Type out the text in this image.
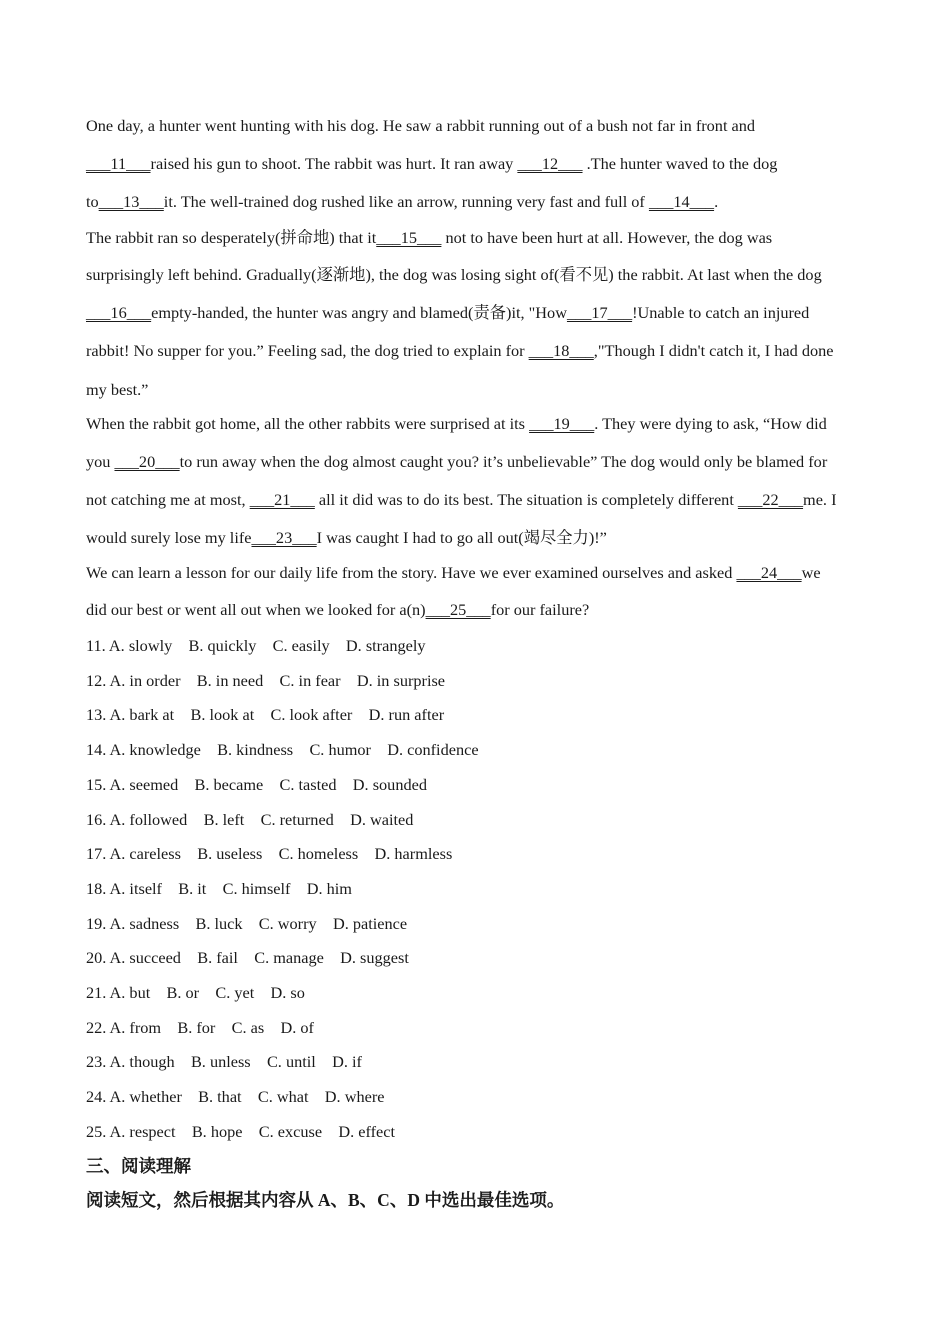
One day, a hunter went hunting with his dog. He saw a rabbit running out of a bush not far in front and
___11___raised his gun to shoot. The rabbit was hurt. It ran away ___12___ .The hunter waved to the dog
to___13___it. The well-trained dog rushed like an arrow, running very fast and full of ___14___.
The rabbit ran so desperately(拼命地) that it___15___ not to have been hurt at all. However, the dog was
surprisingly left behind. Gradually(逐渐地), the dog was losing sight of(看不见) the rabbit. At last when the dog
___16___empty-handed, the hunter was angry and blamed(责备)it, "How___17___!Unable to catch an injured
rabbit! No supper for you.” Feeling sad, the dog tried to explain for ___18___,"Though I didn't catch it, I had done
my best.”
When the rabbit got home, all the other rabbits were surprised at its ___19___. They were dying to ask, “How did
you ___20___to run away when the dog almost caught you? it’s unbelievable” The dog would only be blamed for
not catching me at most, ___21___ all it did was to do its best. The situation is completely different ___22___me. I
would surely lose my life___23___I was caught I had to go all out(竭尽全力)!”
We can learn a lesson for our daily life from the story. Have we ever examined ourselves and asked ___24___we
did our best or went all out when we looked for a(n)___25___for our failure?
11. A. slowly B. quickly C. easily D. strangely
12. A. in order B. in need C. in fear D. in surprise
13. A. bark at B. look at C. look after D. run after
14. A. knowledge B. kindness C. humor D. confidence
15. A. seemed B. became C. tasted D. sounded
16. A. followed B. left C. returned D. waited
17. A. careless B. useless C. homeless D. harmless
18. A. itself B. it C. himself D. him
19. A. sadness B. luck C. worry D. patience
20. A. succeed B. fail C. manage D. suggest
21. A. but B. or C. yet D. so
22. A. from B. for C. as D. of
23. A. though B. unless C. until D. if
24. A. whether B. that C. what D. where
25. A. respect B. hope C. excuse D. effect
三、阅读理解
阅读短文，然后根据其内容从 A、B、C、D 中选出最佳选项。
